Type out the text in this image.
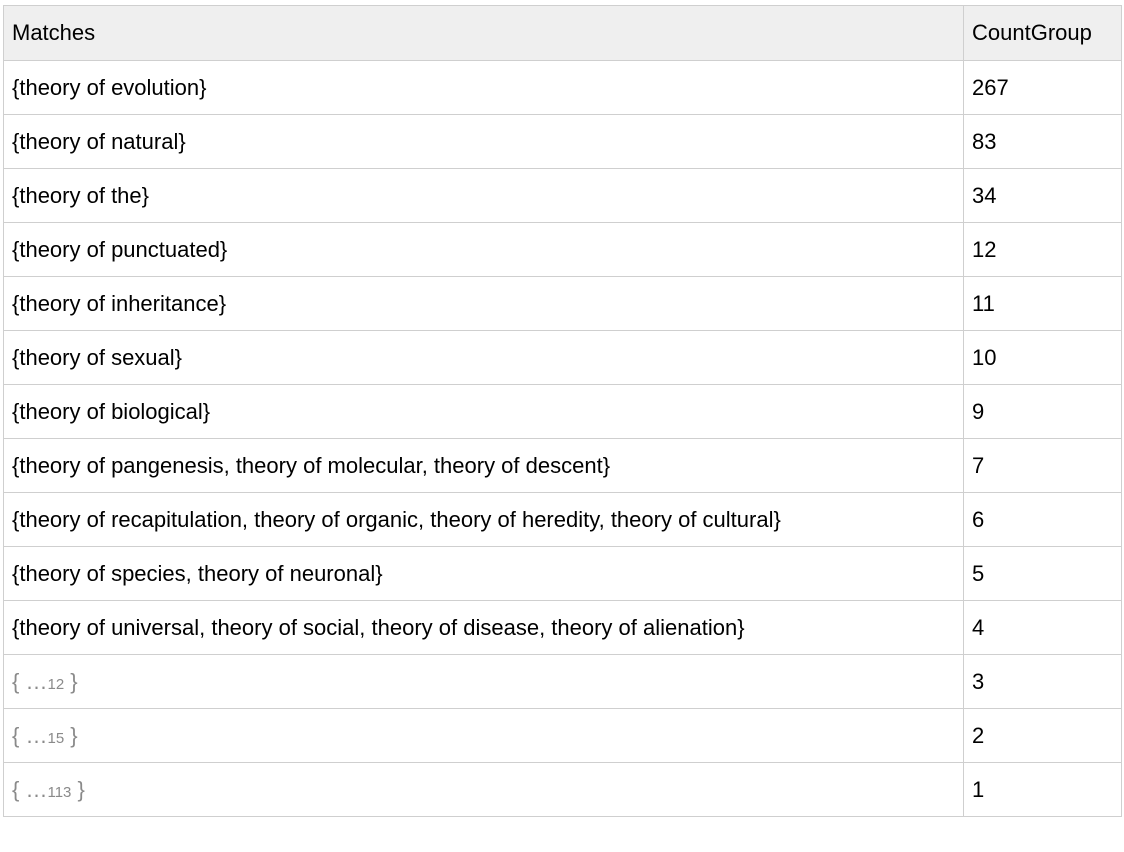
Matches	CountGroup
{theory of evolution}	267
{theory of natural}	83
{theory of the}	34
{theory of punctuated}	12
{theory of inheritance}	11
{theory of sexual}	10
{theory of biological}	9
{theory of pangenesis, theory of molecular, theory of descent}	7
{theory of recapitulation, theory of organic, theory of heredity, theory of cultural}	6
{theory of species, theory of neuronal}	5
{theory of universal, theory of social, theory of disease, theory of alienation}	4
{ …12 }	3
{ …15 }	2
{ …113 }	1
